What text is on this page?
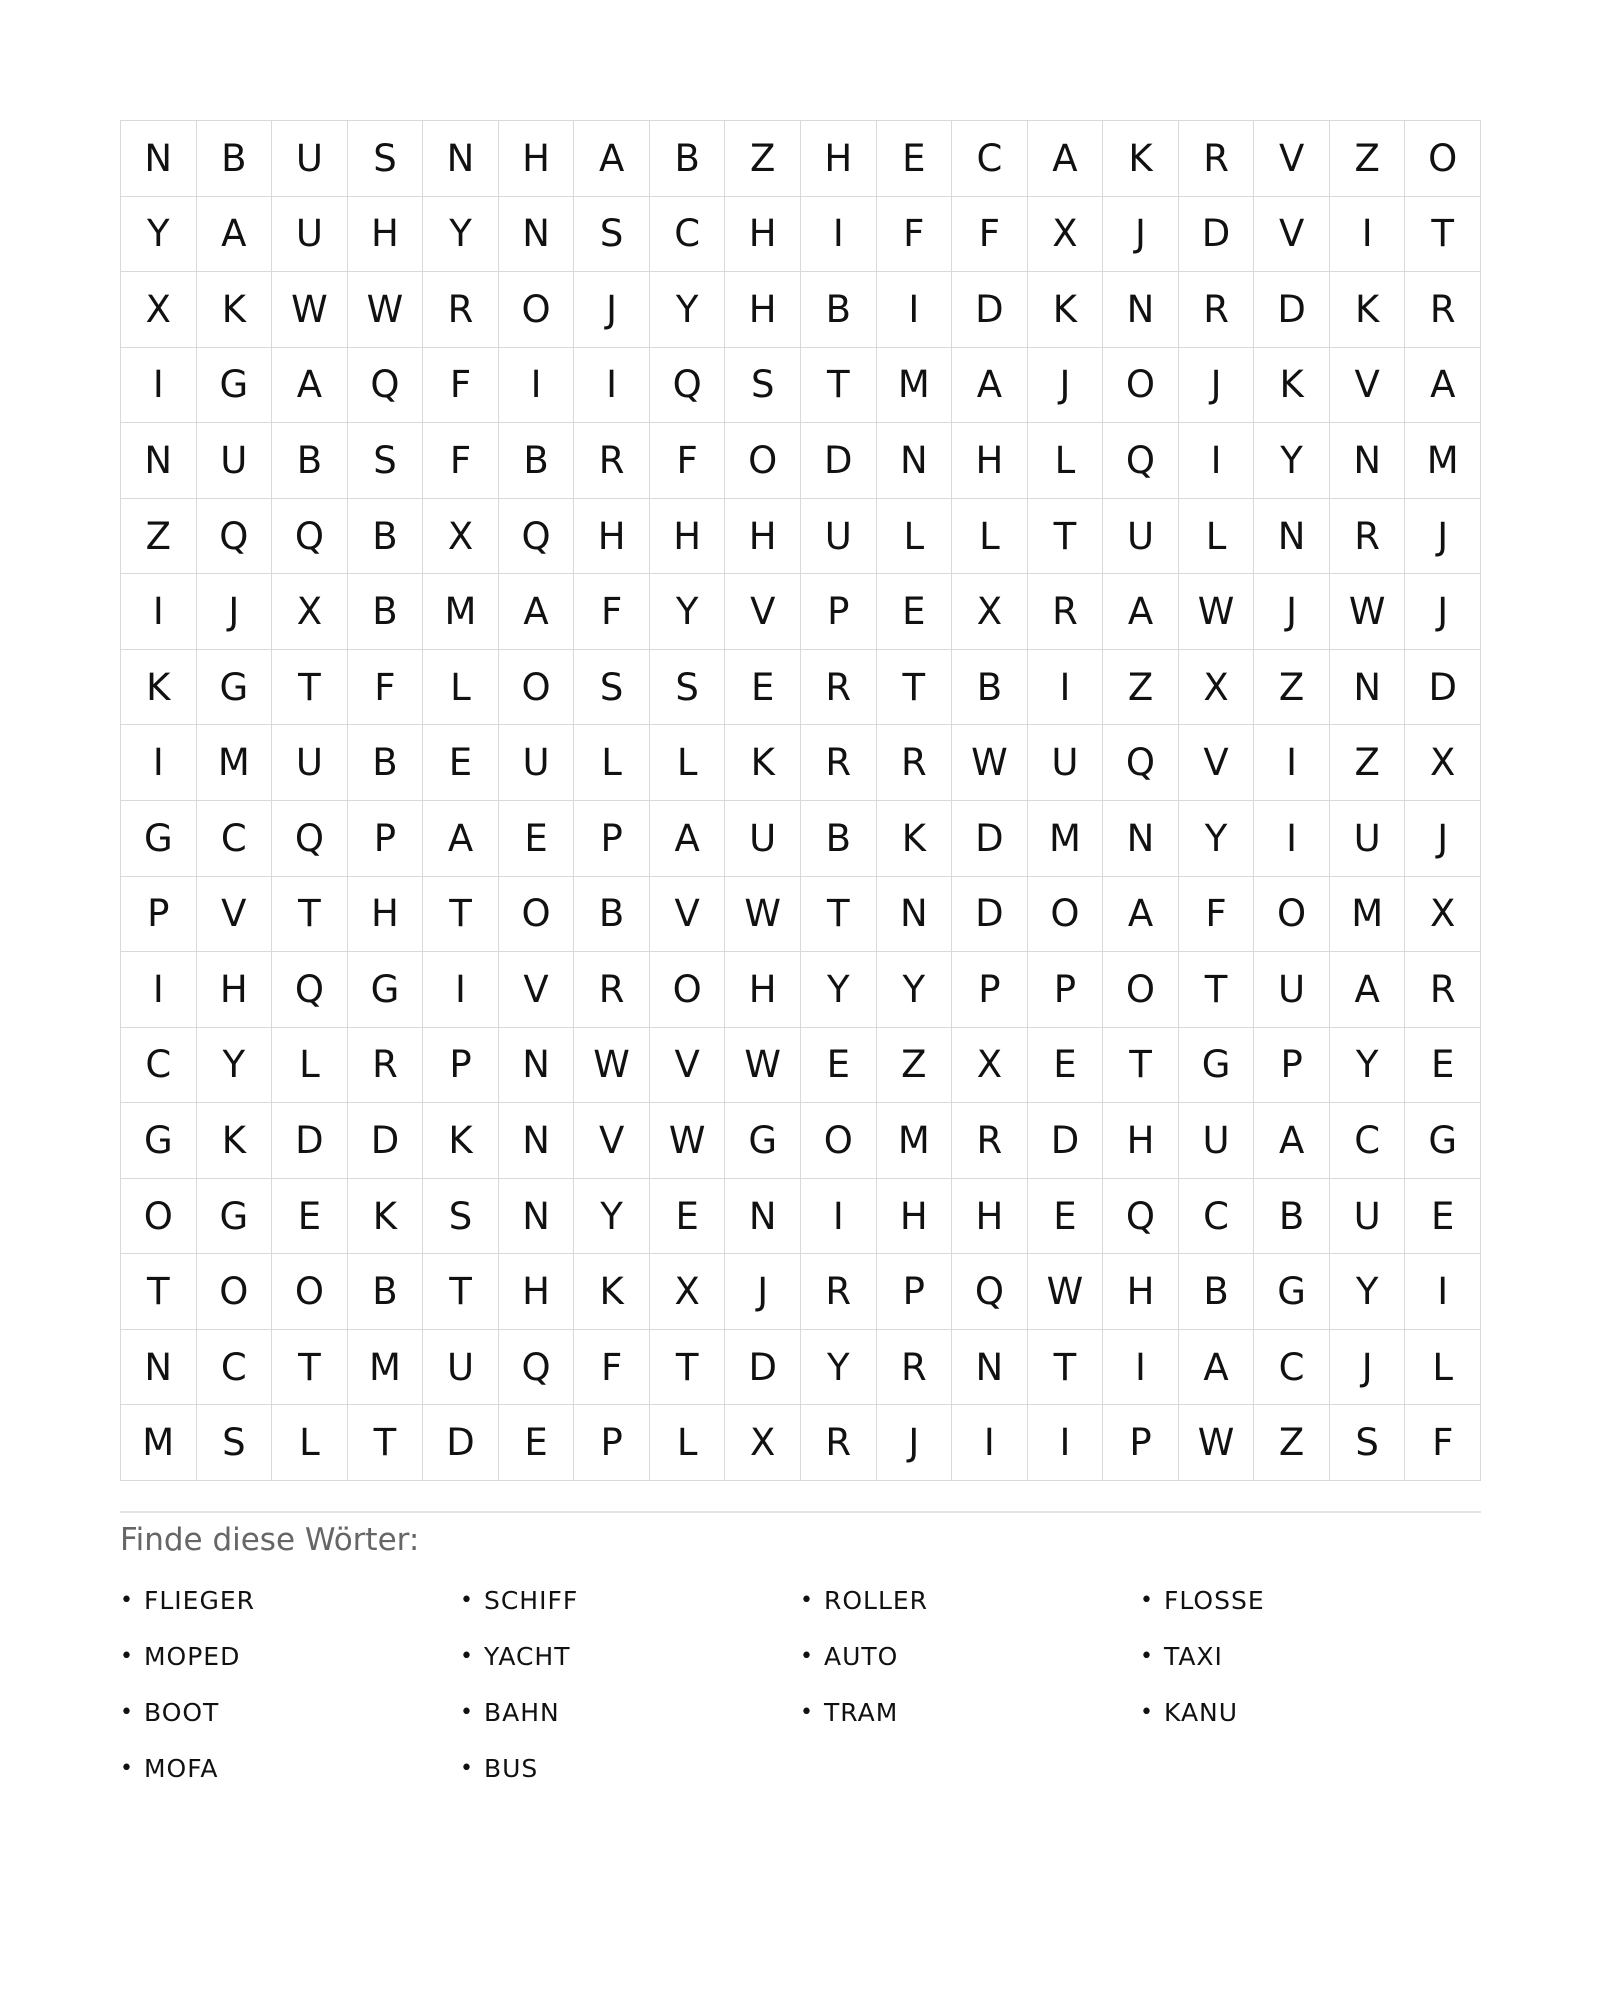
N	B	U	S	N	H	A	B	Z	H	E	C	A	K	R	V	Z	O
Y	A	U	H	Y	N	S	C	H	I	F	F	X	J	D	V	I	T
X	K	W	W	R	O	J	Y	H	B	I	D	K	N	R	D	K	R
I	G	A	Q	F	I	I	Q	S	T	M	A	J	O	J	K	V	A
N	U	B	S	F	B	R	F	O	D	N	H	L	Q	I	Y	N	M
Z	Q	Q	B	X	Q	H	H	H	U	L	L	T	U	L	N	R	J
I	J	X	B	M	A	F	Y	V	P	E	X	R	A	W	J	W	J
K	G	T	F	L	O	S	S	E	R	T	B	I	Z	X	Z	N	D
I	M	U	B	E	U	L	L	K	R	R	W	U	Q	V	I	Z	X
G	C	Q	P	A	E	P	A	U	B	K	D	M	N	Y	I	U	J
P	V	T	H	T	O	B	V	W	T	N	D	O	A	F	O	M	X
I	H	Q	G	I	V	R	O	H	Y	Y	P	P	O	T	U	A	R
C	Y	L	R	P	N	W	V	W	E	Z	X	E	T	G	P	Y	E
G	K	D	D	K	N	V	W	G	O	M	R	D	H	U	A	C	G
O	G	E	K	S	N	Y	E	N	I	H	H	E	Q	C	B	U	E
T	O	O	B	T	H	K	X	J	R	P	Q	W	H	B	G	Y	I
N	C	T	M	U	Q	F	T	D	Y	R	N	T	I	A	C	J	L
M	S	L	T	D	E	P	L	X	R	J	I	I	P	W	Z	S	F
Finde diese Wörter:
• FLIEGER	• SCHIFF	• ROLLER	• FLOSSE
• MOPED	• YACHT	• AUTO	• TAXI
• BOOT	• BAHN	• TRAM	• KANU
• MOFA	• BUS
